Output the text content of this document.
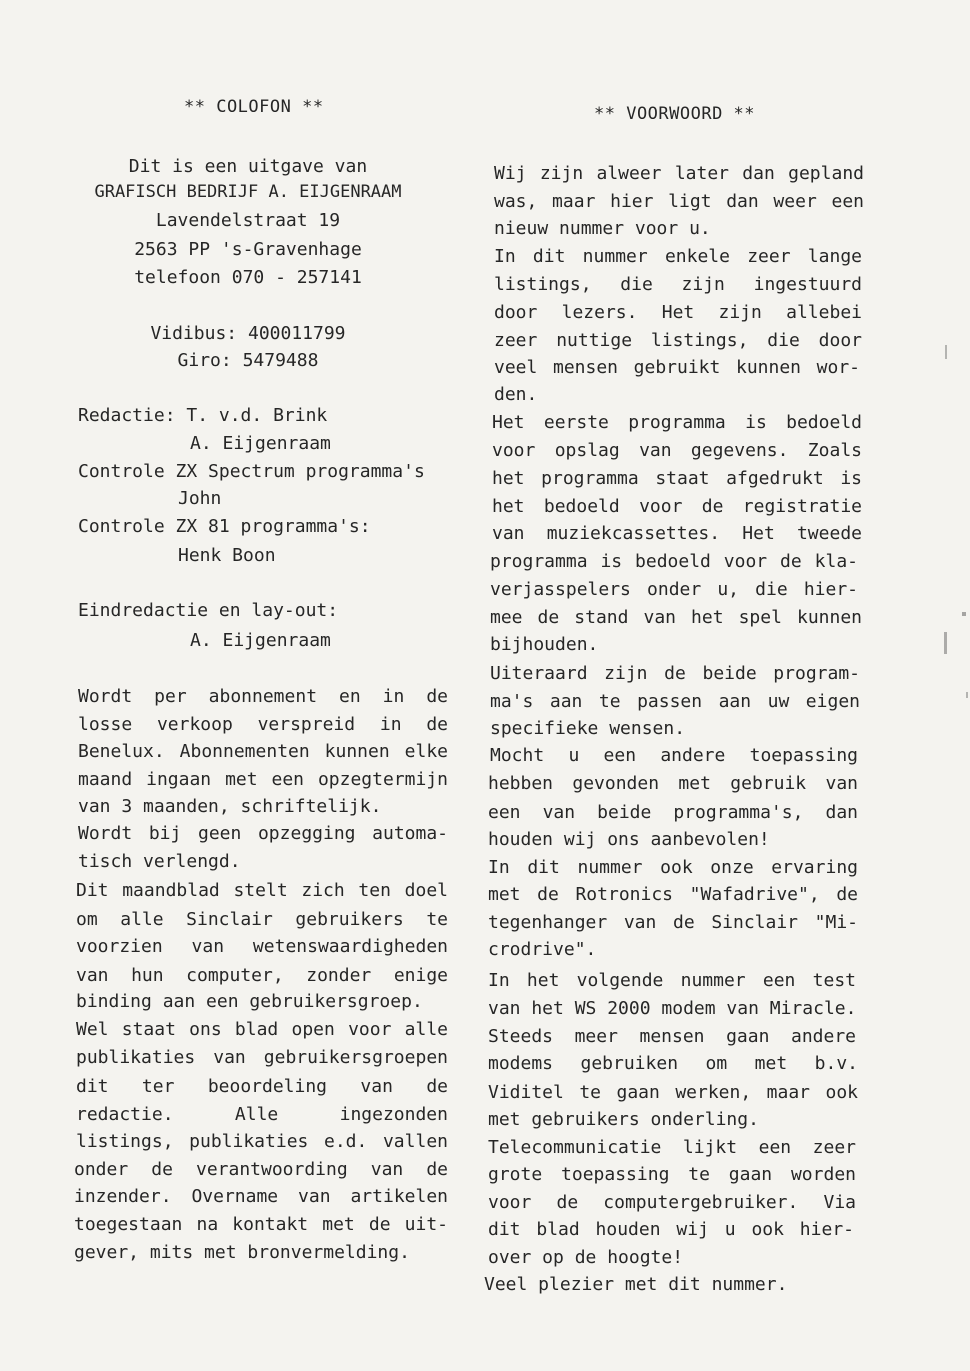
** COLOFON **
Dit is een uitgave van
GRAFISCH BEDRIJF A. EIJGENRAAM
Lavendelstraat 19
2563 PP 's-Gravenhage
telefoon 070 - 257141
Vidibus: 400011799
Giro: 5479488
Redactie: T. v.d. Brink
A. Eijgenraam
Controle ZX Spectrum programma's
John
Controle ZX 81 programma's:
Henk Boon
Eindredactie en lay-out:
A. Eijgenraam
Wordt per abonnement en in de
losse verkoop verspreid in de
Benelux. Abonnementen kunnen elke
maand ingaan met een opzegtermijn
van 3 maanden, schriftelijk.
Wordt bij geen opzegging automa-
tisch verlengd.
Dit maandblad stelt zich ten doel
om alle Sinclair gebruikers te
voorzien van wetenswaardigheden
van hun computer, zonder enige
binding aan een gebruikersgroep.
Wel staat ons blad open voor alle
publikaties van gebruikersgroepen
dit ter beoordeling van de
redactie. Alle ingezonden
listings, publikaties e.d. vallen
onder de verantwoording van de
inzender. Overname van artikelen
toegestaan na kontakt met de uit-
gever, mits met bronvermelding.
** VOORWOORD **
Wij zijn alweer later dan gepland
was, maar hier ligt dan weer een
nieuw nummer voor u.
In dit nummer enkele zeer lange
listings, die zijn ingestuurd
door lezers. Het zijn allebei
zeer nuttige listings, die door
veel mensen gebruikt kunnen wor-
den.
Het eerste programma is bedoeld
voor opslag van gegevens. Zoals
het programma staat afgedrukt is
het bedoeld voor de registratie
van muziekcassettes. Het tweede
programma is bedoeld voor de kla-
verjasspelers onder u, die hier-
mee de stand van het spel kunnen
bijhouden.
Uiteraard zijn de beide program-
ma's aan te passen aan uw eigen
specifieke wensen.
Mocht u een andere toepassing
hebben gevonden met gebruik van
een van beide programma's, dan
houden wij ons aanbevolen!
In dit nummer ook onze ervaring
met de Rotronics "Wafadrive", de
tegenhanger van de Sinclair "Mi-
crodrive".
In het volgende nummer een test
van het WS 2000 modem van Miracle.
Steeds meer mensen gaan andere
modems gebruiken om met b.v.
Viditel te gaan werken, maar ook
met gebruikers onderling.
Telecommunicatie lijkt een zeer
grote toepassing te gaan worden
voor de computergebruiker. Via
dit blad houden wij u ook hier-
over op de hoogte!
Veel plezier met dit nummer.
